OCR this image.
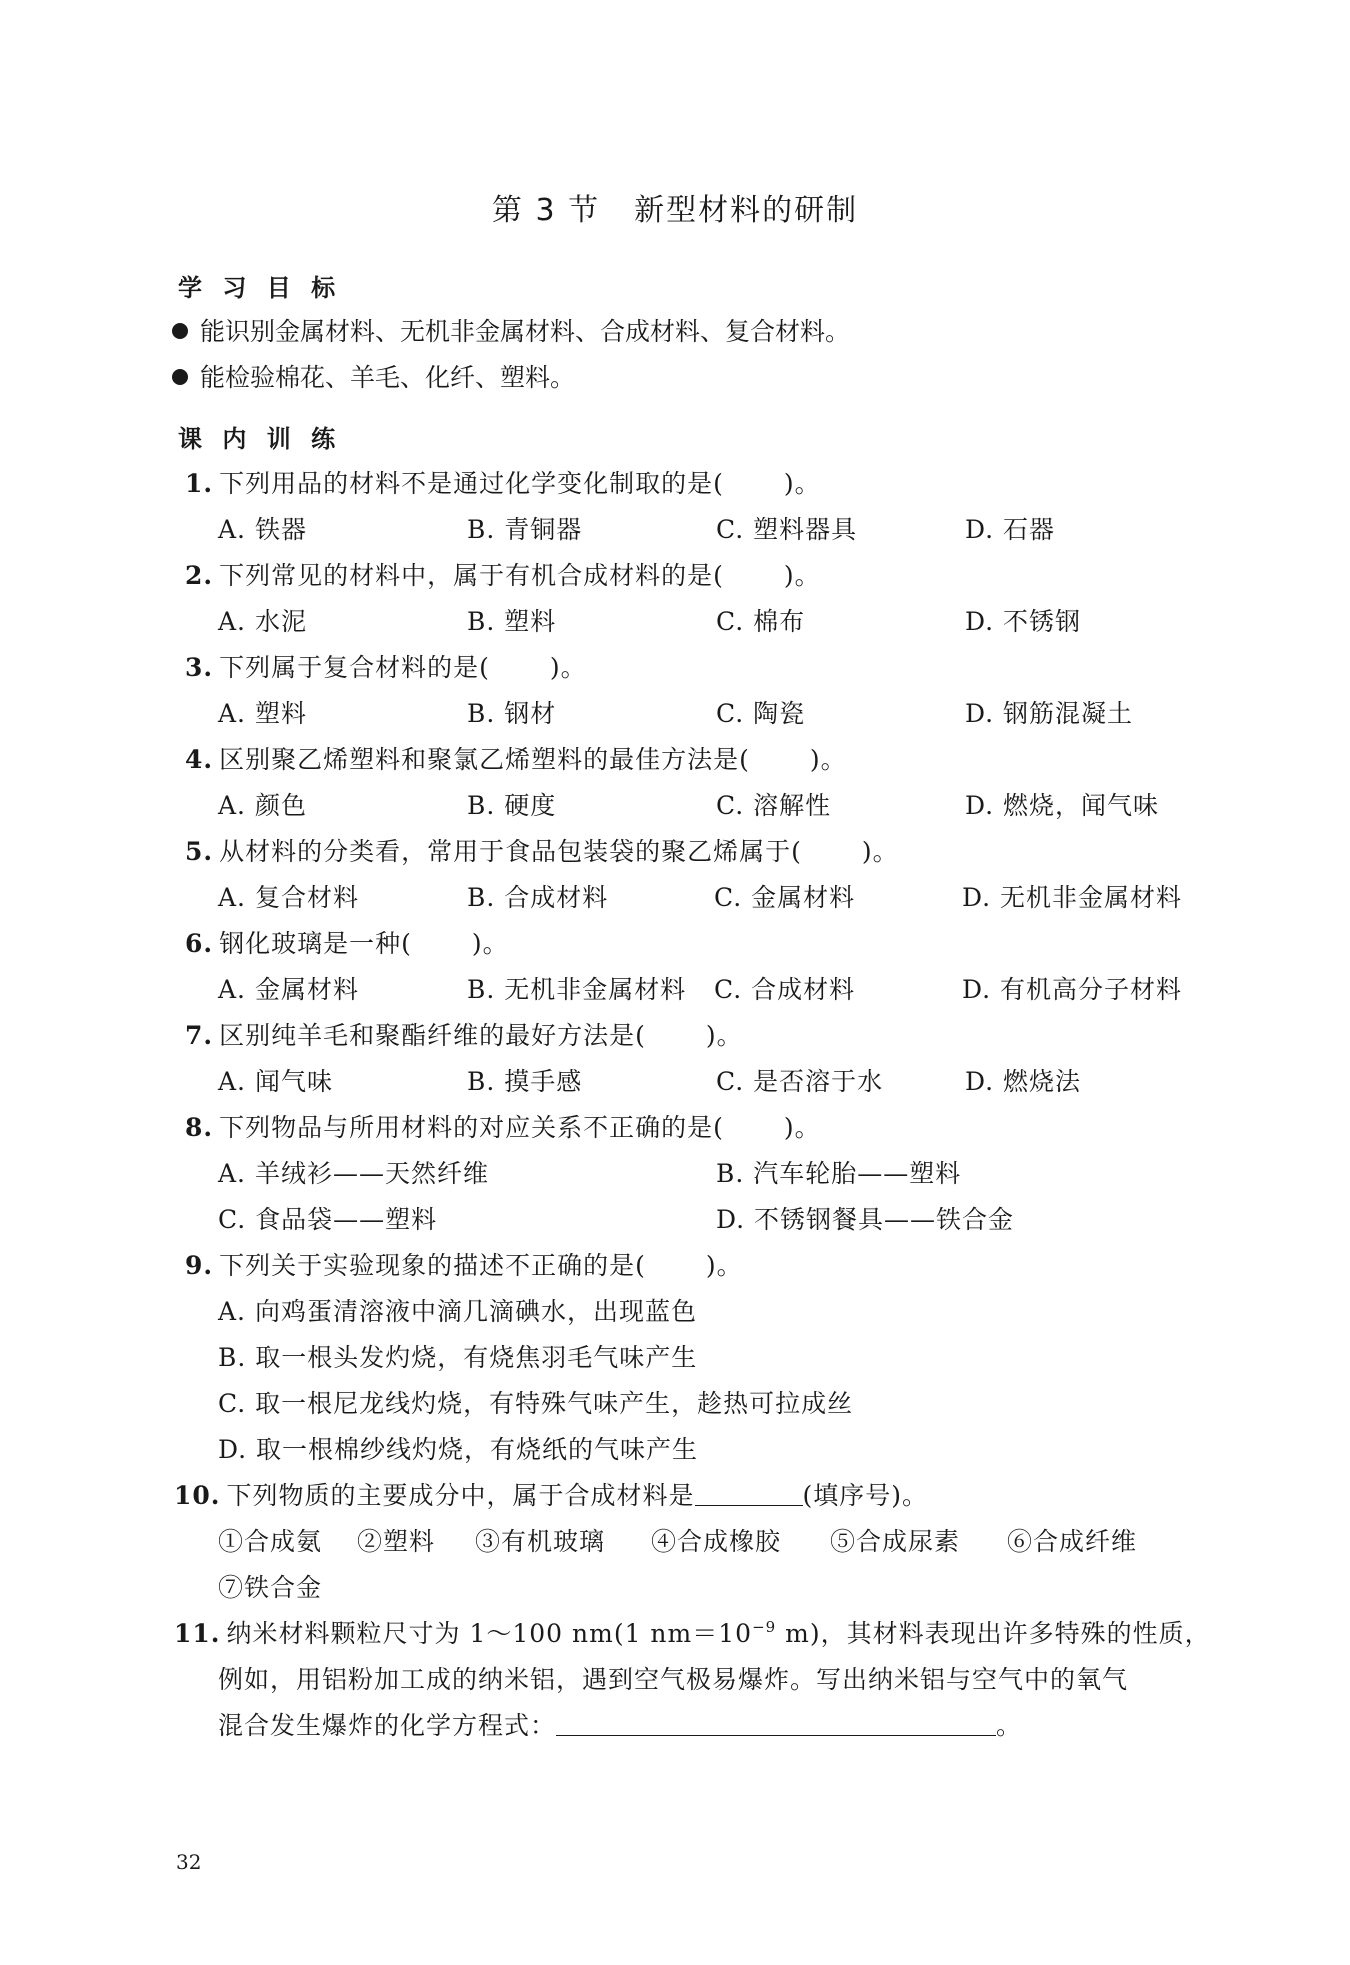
第 3 节 新型材料的研制
学 习 目 标
能识别金属材料、无机非金属材料、合成材料、复合材料。
能检验棉花、羊毛、化纤、塑料。
课 内 训 练
1. 下列用品的材料不是通过化学变化制取的是( )。
A. 铁器	B. 青铜器	C. 塑料器具	D. 石器
2. 下列常见的材料中，属于有机合成材料的是( )。
A. 水泥	B. 塑料	C. 棉布	D. 不锈钢
3. 下列属于复合材料的是( )。
A. 塑料	B. 钢材	C. 陶瓷	D. 钢筋混凝土
4. 区别聚乙烯塑料和聚氯乙烯塑料的最佳方法是( )。
A. 颜色	B. 硬度	C. 溶解性	D. 燃烧，闻气味
5. 从材料的分类看，常用于食品包装袋的聚乙烯属于( )。
A. 复合材料	B. 合成材料	C. 金属材料	D. 无机非金属材料
6. 钢化玻璃是一种( )。
A. 金属材料	B. 无机非金属材料 C. 合成材料	D. 有机高分子材料
7. 区别纯羊毛和聚酯纤维的最好方法是( )。
A. 闻气味	B. 摸手感	C. 是否溶于水	D. 燃烧法
8. 下列物品与所用材料的对应关系不正确的是( )。
A. 羊绒衫——天然纤维	B. 汽车轮胎——塑料
C. 食品袋——塑料	D. 不锈钢餐具——铁合金
9. 下列关于实验现象的描述不正确的是( )。
A. 向鸡蛋清溶液中滴几滴碘水，出现蓝色
B. 取一根头发灼烧，有烧焦羽毛气味产生
C. 取一根尼龙线灼烧，有特殊气味产生，趁热可拉成丝
D. 取一根棉纱线灼烧，有烧纸的气味产生
10. 下列物质的主要成分中，属于合成材料是	(填序号)。
①合成氨 ②塑料 ③有机玻璃 ④合成橡胶 ⑤合成尿素 ⑥合成纤维
⑦铁合金
11. 纳米材料颗粒尺寸为 1～100 nm(1 $nm=10^{-9}$ m)，其材料表现出许多特殊的性质，
例如，用铝粉加工成的纳米铝，遇到空气极易爆炸。写出纳米铝与空气中的氧气
混合发生爆炸的化学方程式：	。
32
